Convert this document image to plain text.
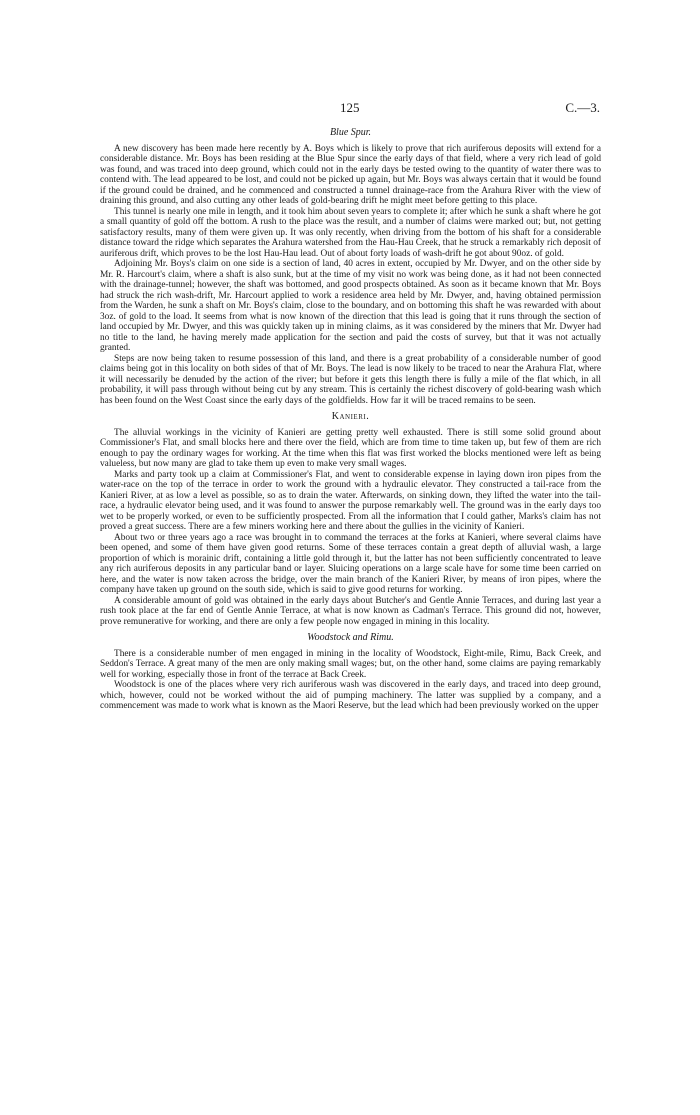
125	C.—3.
Blue Spur.

A new discovery has been made here recently by A. Boys which is likely to prove that rich auriferous deposits will extend for a considerable distance. Mr. Boys has been residing at the Blue Spur since the early days of that field, where a very rich lead of gold was found, and was traced into deep ground, which could not in the early days be tested owing to the quantity of water there was to contend with. The lead appeared to be lost, and could not be picked up again, but Mr. Boys was always certain that it would be found if the ground could be drained, and he commenced and constructed a tunnel drainage-race from the Arahura River with the view of draining this ground, and also cutting any other leads of gold-bearing drift he might meet before getting to this place.

This tunnel is nearly one mile in length, and it took him about seven years to complete it; after which he sunk a shaft where he got a small quantity of gold off the bottom. A rush to the place was the result, and a number of claims were marked out; but, not getting satisfactory results, many of them were given up. It was only recently, when driving from the bottom of his shaft for a considerable distance toward the ridge which separates the Arahura watershed from the Hau-Hau Creek, that he struck a remarkably rich deposit of auriferous drift, which proves to be the lost Hau-Hau lead. Out of about forty loads of wash-drift he got about 90oz. of gold.

Adjoining Mr. Boys's claim on one side is a section of land, 40 acres in extent, occupied by Mr. Dwyer, and on the other side by Mr. R. Harcourt's claim, where a shaft is also sunk, but at the time of my visit no work was being done, as it had not been connected with the drainage-tunnel; however, the shaft was bottomed, and good prospects obtained. As soon as it became known that Mr. Boys had struck the rich wash-drift, Mr. Harcourt applied to work a residence area held by Mr. Dwyer, and, having obtained permission from the Warden, he sunk a shaft on Mr. Boys's claim, close to the boundary, and on bottoming this shaft he was rewarded with about 3oz. of gold to the load. It seems from what is now known of the direction that this lead is going that it runs through the section of land occupied by Mr. Dwyer, and this was quickly taken up in mining claims, as it was considered by the miners that Mr. Dwyer had no title to the land, he having merely made application for the section and paid the costs of survey, but that it was not actually granted.

Steps are now being taken to resume possession of this land, and there is a great probability of a considerable number of good claims being got in this locality on both sides of that of Mr. Boys. The lead is now likely to be traced to near the Arahura Flat, where it will necessarily be denuded by the action of the river; but before it gets this length there is fully a mile of the flat which, in all probability, it will pass through without being cut by any stream. This is certainly the richest discovery of gold-bearing wash which has been found on the West Coast since the early days of the goldfields. How far it will be traced remains to be seen.

Kanieri.

The alluvial workings in the vicinity of Kanieri are getting pretty well exhausted. There is still some solid ground about Commissioner's Flat, and small blocks here and there over the field, which are from time to time taken up, but few of them are rich enough to pay the ordinary wages for working. At the time when this flat was first worked the blocks mentioned were left as being valueless, but now many are glad to take them up even to make very small wages.

Marks and party took up a claim at Commissioner's Flat, and went to considerable expense in laying down iron pipes from the water-race on the top of the terrace in order to work the ground with a hydraulic elevator. They constructed a tail-race from the Kanieri River, at as low a level as possible, so as to drain the water. Afterwards, on sinking down, they lifted the water into the tail-race, a hydraulic elevator being used, and it was found to answer the purpose remarkably well. The ground was in the early days too wet to be properly worked, or even to be sufficiently prospected. From all the information that I could gather, Marks's claim has not proved a great success. There are a few miners working here and there about the gullies in the vicinity of Kanieri.

About two or three years ago a race was brought in to command the terraces at the forks at Kanieri, where several claims have been opened, and some of them have given good returns. Some of these terraces contain a great depth of alluvial wash, a large proportion of which is morainic drift, containing a little gold through it, but the latter has not been sufficiently concentrated to leave any rich auriferous deposits in any particular band or layer. Sluicing operations on a large scale have for some time been carried on here, and the water is now taken across the bridge, over the main branch of the Kanieri River, by means of iron pipes, where the company have taken up ground on the south side, which is said to give good returns for working.

A considerable amount of gold was obtained in the early days about Butcher's and Gentle Annie Terraces, and during last year a rush took place at the far end of Gentle Annie Terrace, at what is now known as Cadman's Terrace. This ground did not, however, prove remunerative for working, and there are only a few people now engaged in mining in this locality.

Woodstock and Rimu.

There is a considerable number of men engaged in mining in the locality of Woodstock, Eight-mile, Rimu, Back Creek, and Seddon's Terrace. A great many of the men are only making small wages; but, on the other hand, some claims are paying remarkably well for working, especially those in front of the terrace at Back Creek.

Woodstock is one of the places where very rich auriferous wash was discovered in the early days, and traced into deep ground, which, however, could not be worked without the aid of pumping machinery. The latter was supplied by a company, and a commencement was made to work what is known as the Maori Reserve, but the lead which had been previously worked on the upper
